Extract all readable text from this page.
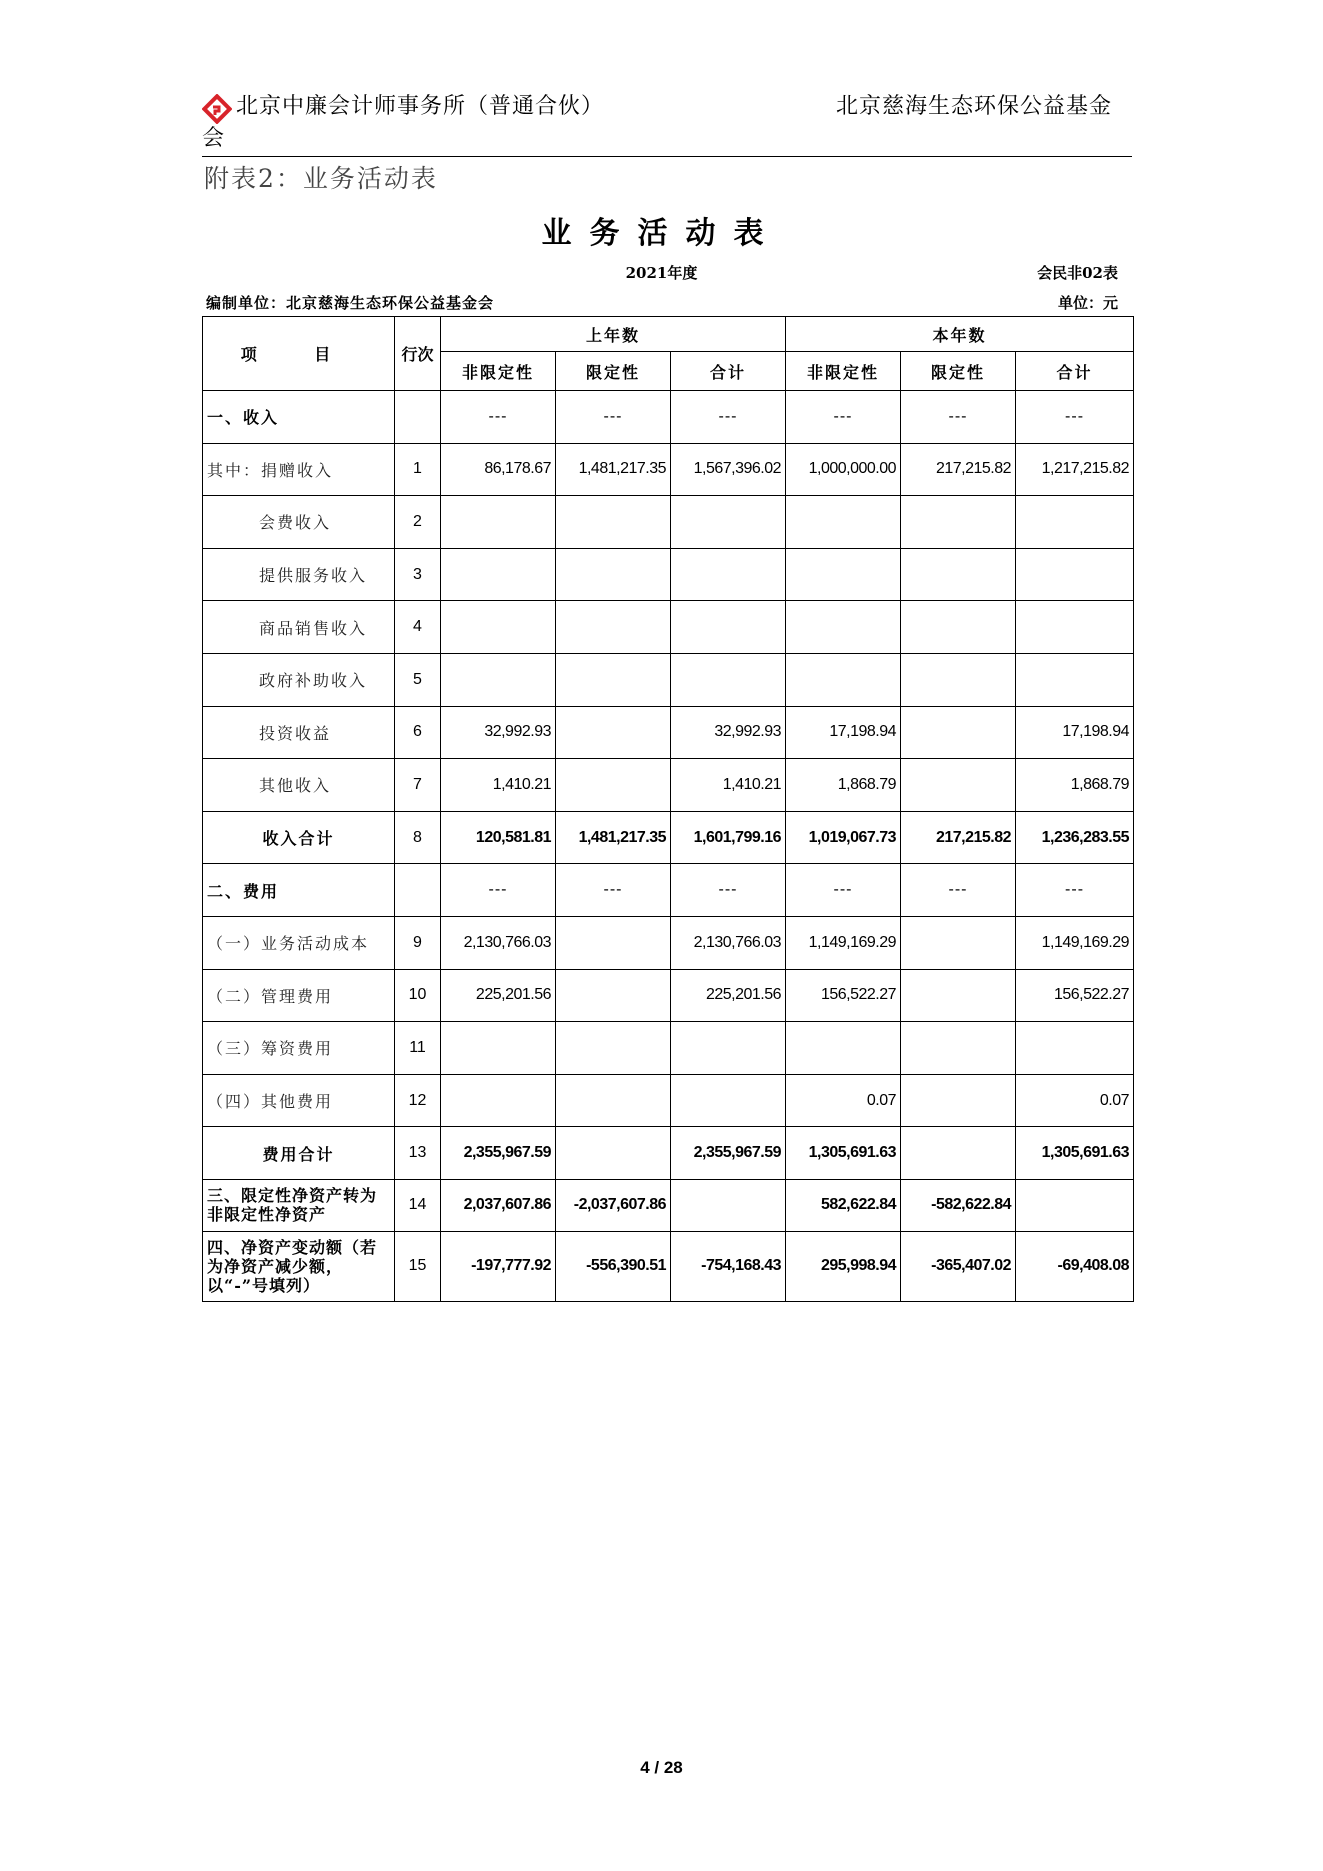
北京中廉会计师事务所（普通合伙）
会
北京慈海生态环保公益基金
附表2：业务活动表
业务活动表
2021年度	会民非02表
编制单位：北京慈海生态环保公益基金会	单位：元
项 目	行次	上年数			本年数		
		非限定性	限定性	合计	非限定性	限定性	合计
一、收入		---	---	---	---	---	---
其中：捐赠收入	1	86,178.67	1,481,217.35	1,567,396.02	1,000,000.00	217,215.82	1,217,215.82
会费收入	2						
提供服务收入	3						
商品销售收入	4						
政府补助收入	5						
投资收益	6	32,992.93		32,992.93	17,198.94		17,198.94
其他收入	7	1,410.21		1,410.21	1,868.79		1,868.79
收入合计	8	120,581.81	1,481,217.35	1,601,799.16	1,019,067.73	217,215.82	1,236,283.55
二、费用		---	---	---	---	---	---
（一）业务活动成本	9	2,130,766.03		2,130,766.03	1,149,169.29		1,149,169.29
（二）管理费用	10	225,201.56		225,201.56	156,522.27		156,522.27
（三）筹资费用	11						
（四）其他费用	12				0.07		0.07
费用合计	13	2,355,967.59		2,355,967.59	1,305,691.63		1,305,691.63
三、限定性净资产转为非限定性净资产	14	2,037,607.86	-2,037,607.86		582,622.84	-582,622.84	
四、净资产变动额（若为净资产减少额，以“-”号填列）	15	-197,777.92	-556,390.51	-754,168.43	295,998.94	-365,407.02	-69,408.08
4 / 28
